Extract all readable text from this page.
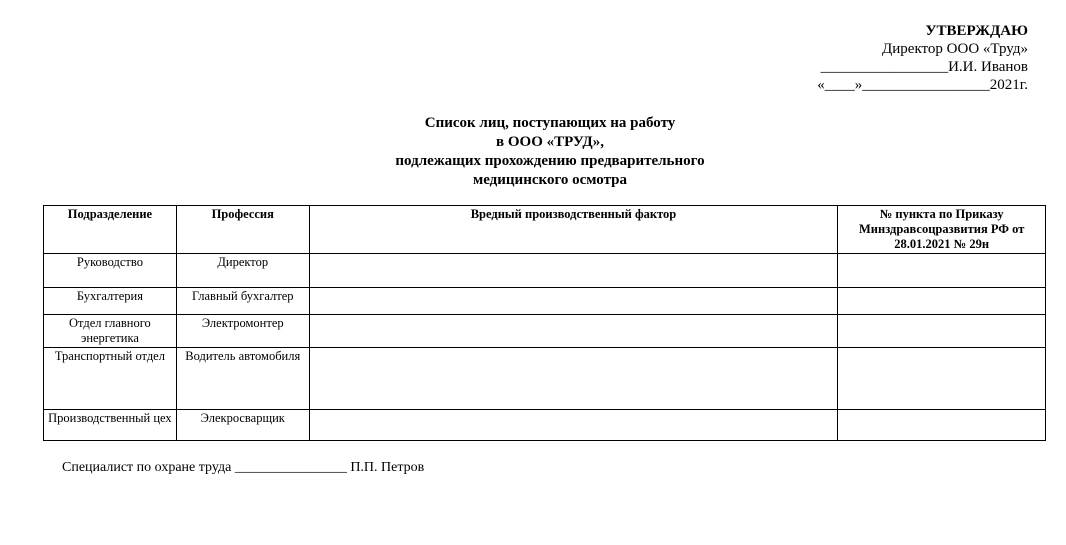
УТВЕРЖДАЮ
Директор ООО «Труд»
_________________И.И. Иванов
«____»_________________2021г.
Список лиц, поступающих на работу
в ООО «ТРУД»,
подлежащих прохождению предварительного
медицинского осмотра
Подразделение	Профессия	Вредный производственный фактор	№ пункта по Приказу Минздравсоцразвития РФ от 28.01.2021 № 29н
Руководство	Директор		
Бухгалтерия	Главный бухгалтер		
Отдел главного энергетика	Электромонтер		
Транспортный отдел	Водитель автомобиля		
Производственный цех	Элекросварщик		
Специалист по охране труда ________________ П.П. Петров
